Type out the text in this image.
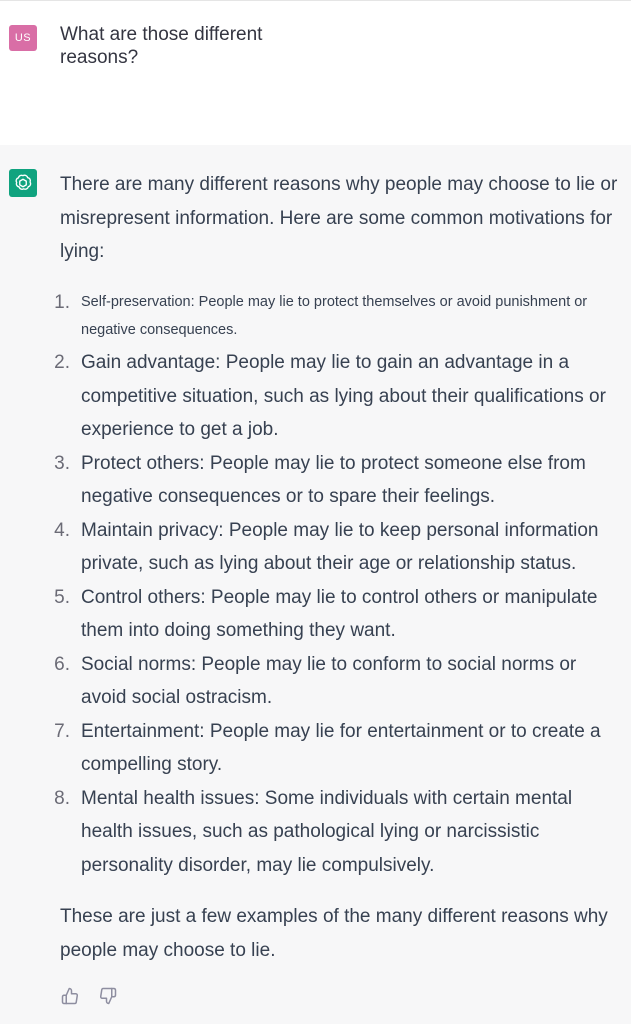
US	What are those different reasons?

There are many different reasons why people may choose to lie or misrepresent information. Here are some common motivations for lying:

1. Self-preservation: People may lie to protect themselves or avoid punishment or negative consequences.
2. Gain advantage: People may lie to gain an advantage in a competitive situation, such as lying about their qualifications or experience to get a job.
3. Protect others: People may lie to protect someone else from negative consequences or to spare their feelings.
4. Maintain privacy: People may lie to keep personal information private, such as lying about their age or relationship status.
5. Control others: People may lie to control others or manipulate them into doing something they want.
6. Social norms: People may lie to conform to social norms or avoid social ostracism.
7. Entertainment: People may lie for entertainment or to create a compelling story.
8. Mental health issues: Some individuals with certain mental health issues, such as pathological lying or narcissistic personality disorder, may lie compulsively.

These are just a few examples of the many different reasons why people may choose to lie.
